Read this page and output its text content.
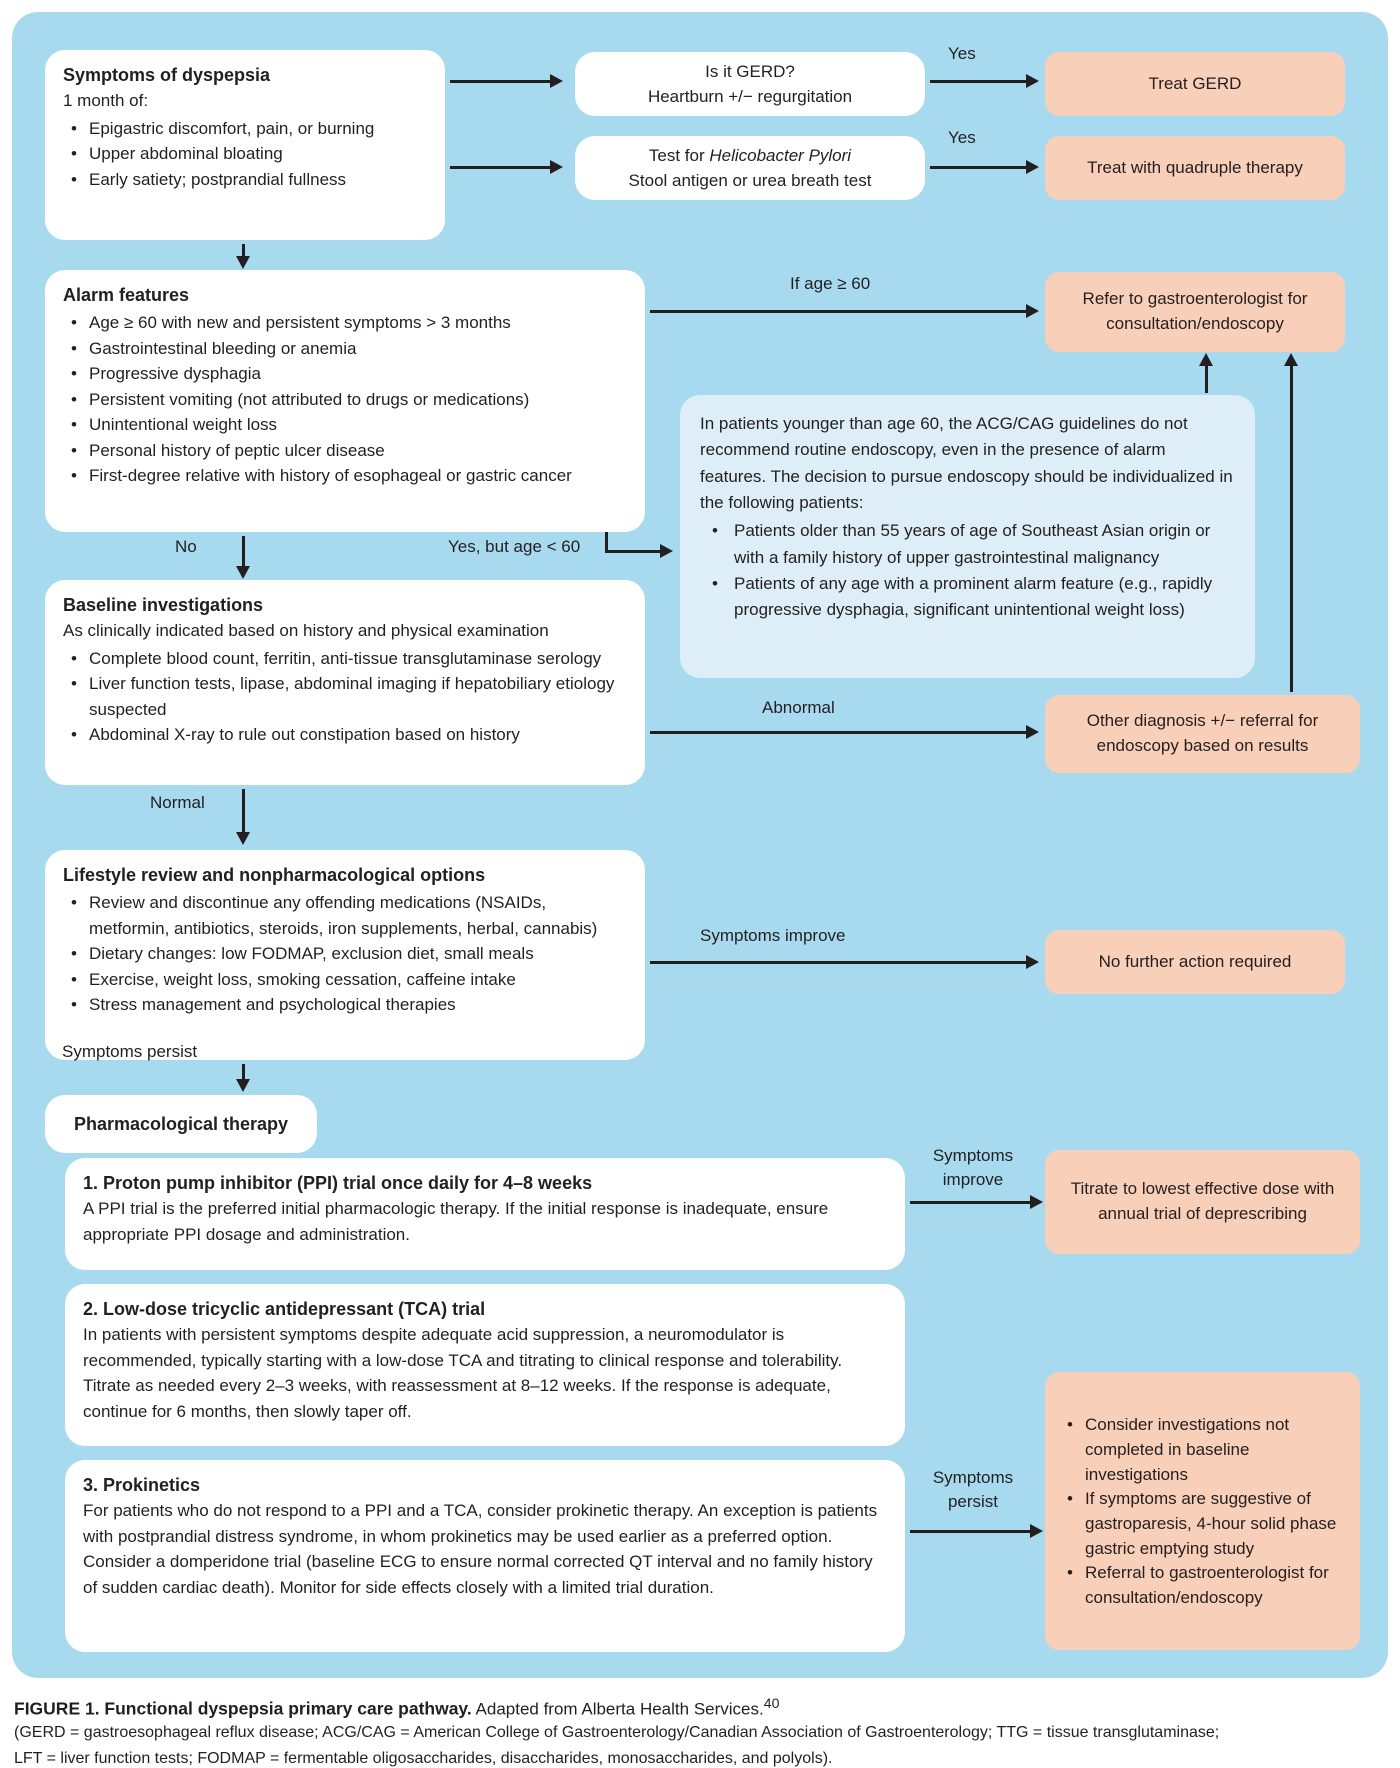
Symptoms of dyspepsia
1 month of:
• Epigastric discomfort, pain, or burning
• Upper abdominal bloating
• Early satiety; postprandial fullness
Is it GERD?
Heartburn +/− regurgitation
Treat GERD
Test for Helicobacter Pylori
Stool antigen or urea breath test
Treat with quadruple therapy
Alarm features
• Age ≥ 60 with new and persistent symptoms > 3 months
• Gastrointestinal bleeding or anemia
• Progressive dysphagia
• Persistent vomiting (not attributed to drugs or medications)
• Unintentional weight loss
• Personal history of peptic ulcer disease
• First-degree relative with history of esophageal or gastric cancer
Refer to gastroenterologist for
consultation/endoscopy
In patients younger than age 60, the ACG/CAG guidelines do not recommend routine endoscopy, even in the presence of alarm features. The decision to pursue endoscopy should be individualized in the following patients:
• Patients older than 55 years of age of Southeast Asian origin or with a family history of upper gastrointestinal malignancy
• Patients of any age with a prominent alarm feature (e.g., rapidly progressive dysphagia, significant unintentional weight loss)
Baseline investigations
As clinically indicated based on history and physical examination
• Complete blood count, ferritin, anti-tissue transglutaminase serology
• Liver function tests, lipase, abdominal imaging if hepatobiliary etiology suspected
• Abdominal X-ray to rule out constipation based on history
Other diagnosis +/− referral for
endoscopy based on results
Lifestyle review and nonpharmacological options
• Review and discontinue any offending medications (NSAIDs, metformin, antibiotics, steroids, iron supplements, herbal, cannabis)
• Dietary changes: low FODMAP, exclusion diet, small meals
• Exercise, weight loss, smoking cessation, caffeine intake
• Stress management and psychological therapies
No further action required
Pharmacological therapy
1. Proton pump inhibitor (PPI) trial once daily for 4–8 weeks
A PPI trial is the preferred initial pharmacologic therapy. If the initial response is inadequate, ensure appropriate PPI dosage and administration.
Titrate to lowest effective dose with annual trial of deprescribing
2. Low-dose tricyclic antidepressant (TCA) trial
In patients with persistent symptoms despite adequate acid suppression, a neuromodulator is recommended, typically starting with a low-dose TCA and titrating to clinical response and tolerability. Titrate as needed every 2–3 weeks, with reassessment at 8–12 weeks. If the response is adequate, continue for 6 months, then slowly taper off.
3. Prokinetics
For patients who do not respond to a PPI and a TCA, consider prokinetic therapy. An exception is patients with postprandial distress syndrome, in whom prokinetics may be used earlier as a preferred option. Consider a domperidone trial (baseline ECG to ensure normal corrected QT interval and no family history of sudden cardiac death). Monitor for side effects closely with a limited trial duration.
• Consider investigations not completed in baseline investigations
• If symptoms are suggestive of gastroparesis, 4-hour solid phase gastric emptying study
• Referral to gastroenterologist for consultation/endoscopy
Yes
Yes
If age ≥ 60
No	Yes, but age < 60
Abnormal
Normal
Symptoms improve
Symptoms persist
Symptoms
improve
Symptoms
persist
FIGURE 1. Functional dyspepsia primary care pathway. Adapted from Alberta Health Services.$^{40}$
(GERD = gastroesophageal reflux disease; ACG/CAG = American College of Gastroenterology/Canadian Association of Gastroenterology; TTG = tissue transglutaminase;
LFT = liver function tests; FODMAP = fermentable oligosaccharides, disaccharides, monosaccharides, and polyols).
